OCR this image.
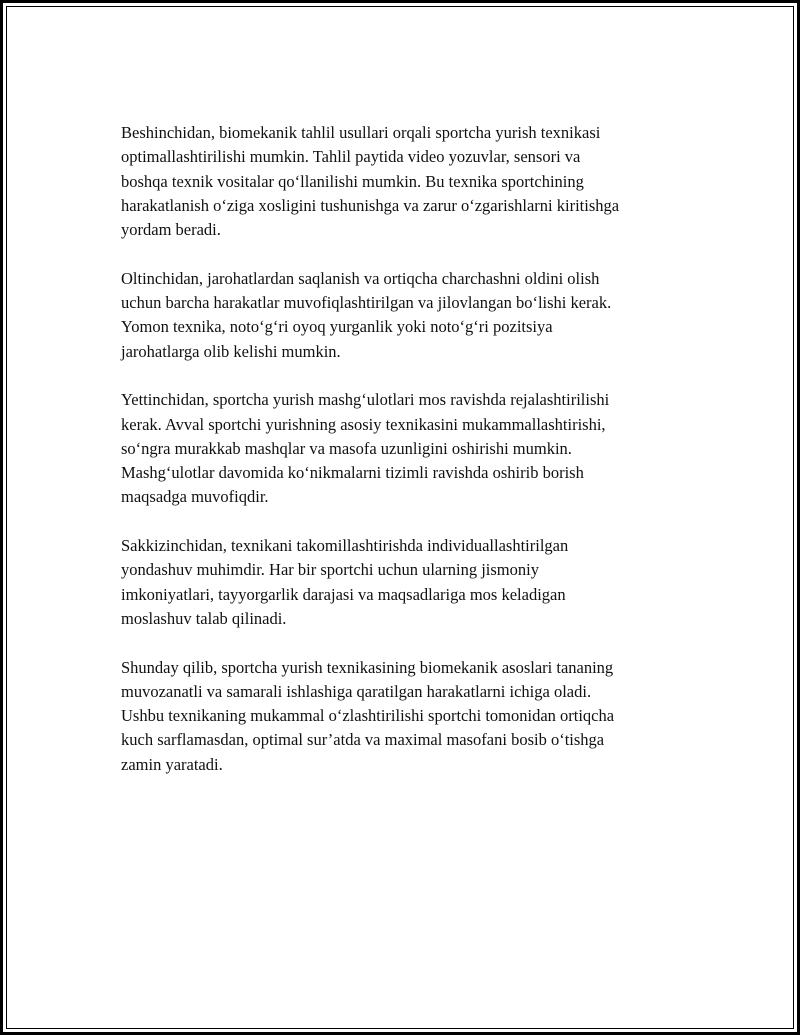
Beshinchidan, biomekanik tahlil usullari orqali sportcha yurish texnikasi
optimallashtirilishi mumkin. Tahlil paytida video yozuvlar, sensori va
boshqa texnik vositalar qo‘llanilishi mumkin. Bu texnika sportchining
harakatlanish o‘ziga xosligini tushunishga va zarur o‘zgarishlarni kiritishga
yordam beradi.

Oltinchidan, jarohatlardan saqlanish va ortiqcha charchashni oldini olish
uchun barcha harakatlar muvofiqlashtirilgan va jilovlangan bo‘lishi kerak.
Yomon texnika, noto‘g‘ri oyoq yurganlik yoki noto‘g‘ri pozitsiya
jarohatlarga olib kelishi mumkin.

Yettinchidan, sportcha yurish mashg‘ulotlari mos ravishda rejalashtirilishi
kerak. Avval sportchi yurishning asosiy texnikasini mukammallashtirishi,
so‘ngra murakkab mashqlar va masofa uzunligini oshirishi mumkin.
Mashg‘ulotlar davomida ko‘nikmalarni tizimli ravishda oshirib borish
maqsadga muvofiqdir.

Sakkizinchidan, texnikani takomillashtirishda individuallashtirilgan
yondashuv muhimdir. Har bir sportchi uchun ularning jismoniy
imkoniyatlari, tayyorgarlik darajasi va maqsadlariga mos keladigan
moslashuv talab qilinadi.

Shunday qilib, sportcha yurish texnikasining biomekanik asoslari tananing
muvozanatli va samarali ishlashiga qaratilgan harakatlarni ichiga oladi.
Ushbu texnikaning mukammal o‘zlashtirilishi sportchi tomonidan ortiqcha
kuch sarflamasdan, optimal sur’atda va maximal masofani bosib o‘tishga
zamin yaratadi.
